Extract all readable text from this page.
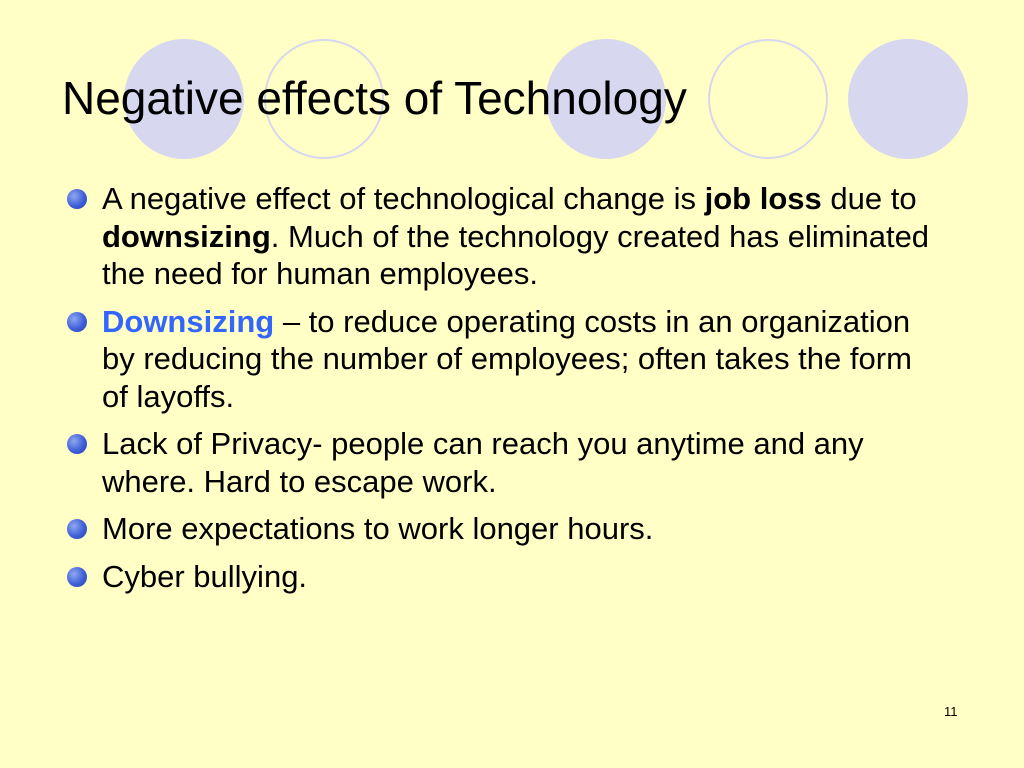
Negative effects of Technology
A negative effect of technological change is job loss due to downsizing. Much of the technology created has eliminated the need for human employees.
Downsizing – to reduce operating costs in an organization by reducing the number of employees; often takes the form of layoffs.
Lack of Privacy- people can reach you anytime and any where. Hard to escape work.
More expectations to work longer hours.
Cyber bullying.
11
